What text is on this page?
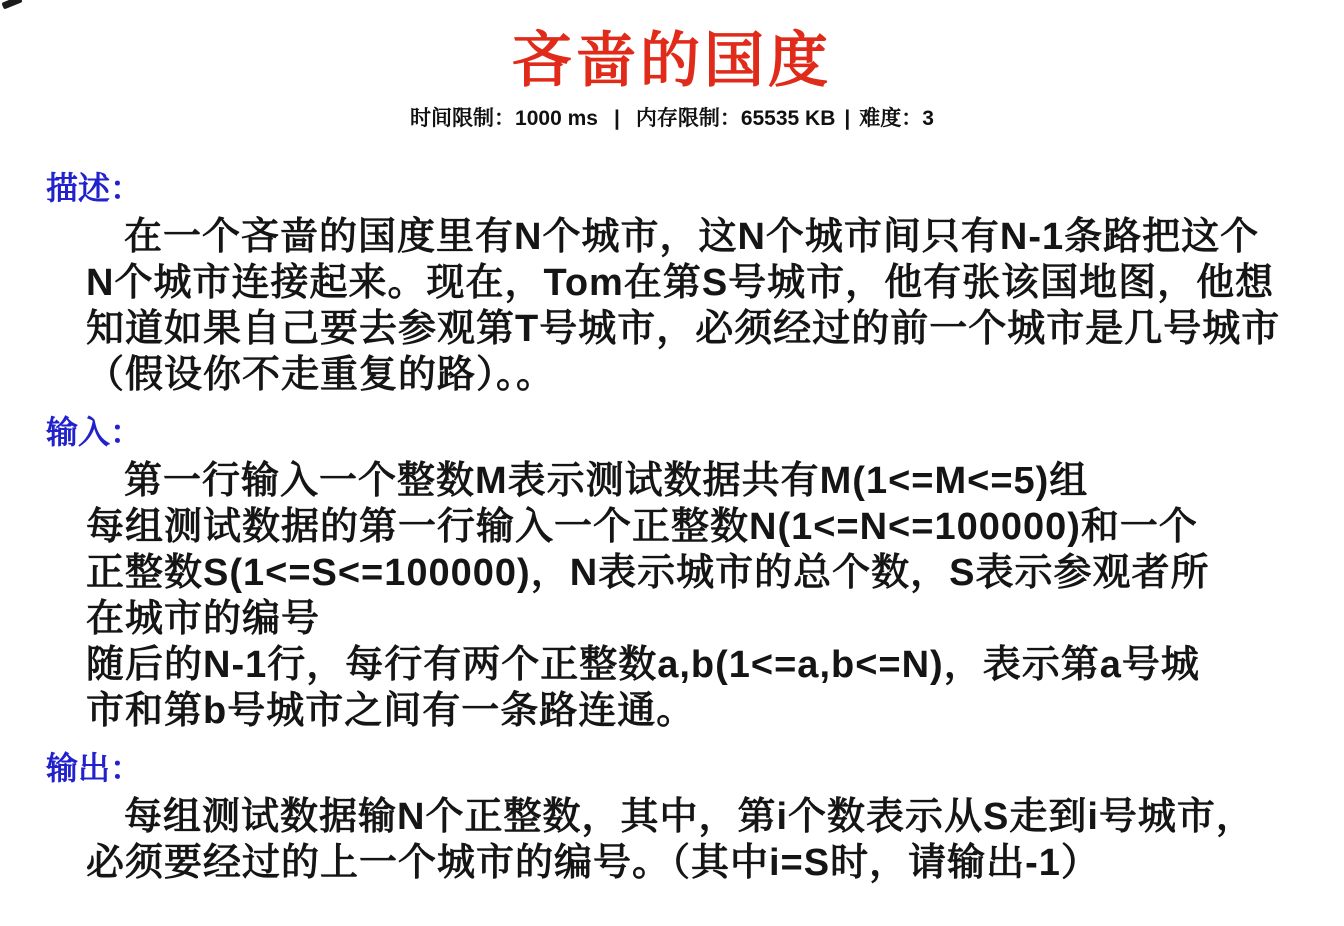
吝啬的国度
时间限制：1000 ms | 内存限制：65535 KB | 难度：3
描述：
在一个吝啬的国度里有N个城市，这N个城市间只有N-1条路把这个
N个城市连接起来。现在，Tom在第S号城市，他有张该国地图，他想
知道如果自己要去参观第T号城市，必须经过的前一个城市是几号城市
（假设你不走重复的路）。。
输入：
第一行输入一个整数M表示测试数据共有M(1<=M<=5)组
每组测试数据的第一行输入一个正整数N(1<=N<=100000)和一个
正整数S(1<=S<=100000)，N表示城市的总个数，S表示参观者所
在城市的编号
随后的N-1行，每行有两个正整数a,b(1<=a,b<=N)，表示第a号城
市和第b号城市之间有一条路连通。
输出：
每组测试数据输N个正整数，其中，第i个数表示从S走到i号城市，
必须要经过的上一个城市的编号。（其中i=S时，请输出-1）
